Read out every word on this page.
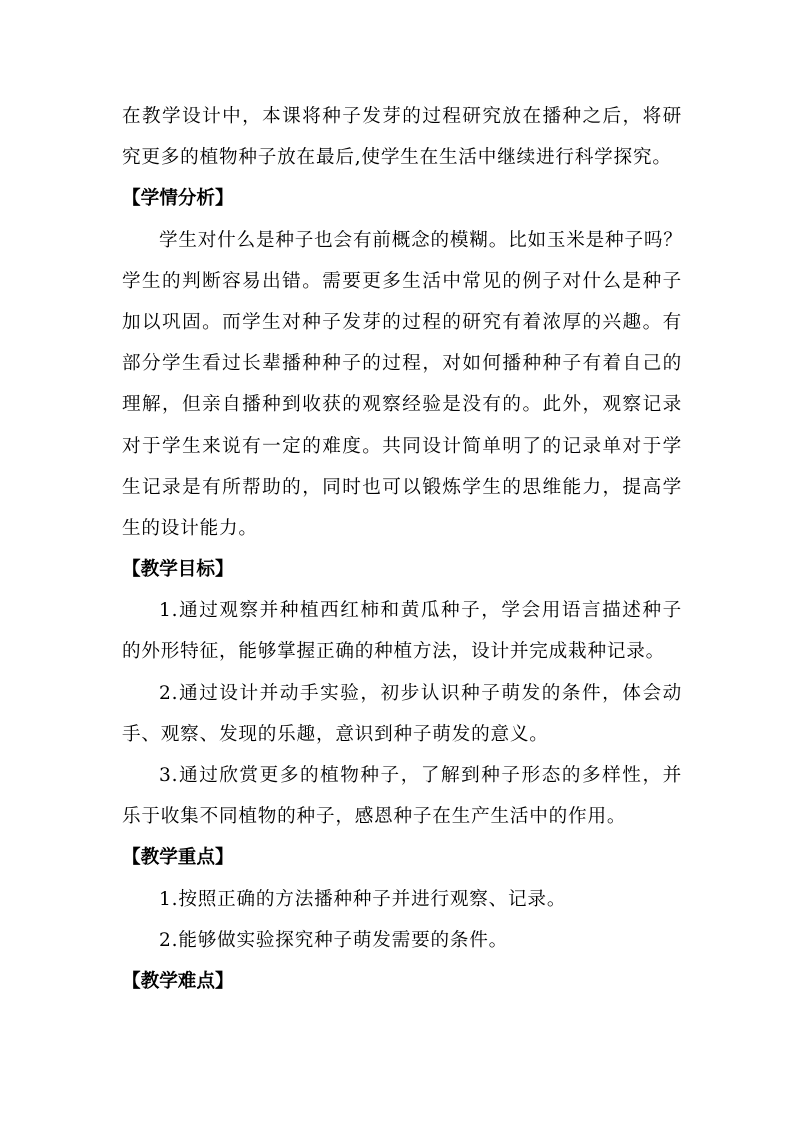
在教学设计中，本课将种子发芽的过程研究放在播种之后，将研
究更多的植物种子放在最后,使学生在生活中继续进行科学探究。
【学情分析】
学生对什么是种子也会有前概念的模糊。比如玉米是种子吗？
学生的判断容易出错。需要更多生活中常见的例子对什么是种子
加以巩固。而学生对种子发芽的过程的研究有着浓厚的兴趣。有
部分学生看过长辈播种种子的过程，对如何播种种子有着自己的
理解，但亲自播种到收获的观察经验是没有的。此外，观察记录
对于学生来说有一定的难度。共同设计简单明了的记录单对于学
生记录是有所帮助的，同时也可以锻炼学生的思维能力，提高学
生的设计能力。
【教学目标】
1.通过观察并种植西红柿和黄瓜种子，学会用语言描述种子
的外形特征，能够掌握正确的种植方法，设计并完成栽种记录。
2.通过设计并动手实验，初步认识种子萌发的条件，体会动
手、观察、发现的乐趣，意识到种子萌发的意义。
3.通过欣赏更多的植物种子，了解到种子形态的多样性，并
乐于收集不同植物的种子，感恩种子在生产生活中的作用。
【教学重点】
1.按照正确的方法播种种子并进行观察、记录。
2.能够做实验探究种子萌发需要的条件。
【教学难点】
